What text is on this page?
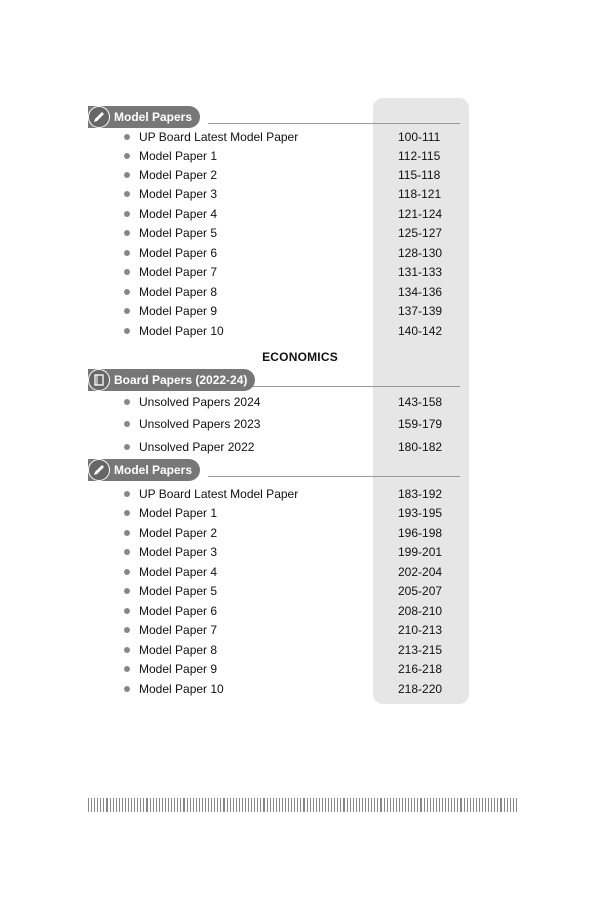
Model Papers
UP Board Latest Model Paper	100-111
Model Paper 1	112-115
Model Paper 2	115-118
Model Paper 3	118-121
Model Paper 4	121-124
Model Paper 5	125-127
Model Paper 6	128-130
Model Paper 7	131-133
Model Paper 8	134-136
Model Paper 9	137-139
Model Paper 10	140-142
ECONOMICS
Board Papers (2022-24)
Unsolved Papers 2024	143-158
Unsolved Papers 2023	159-179
Unsolved Paper 2022	180-182
Model Papers
UP Board Latest Model Paper	183-192
Model Paper 1	193-195
Model Paper 2	196-198
Model Paper 3	199-201
Model Paper 4	202-204
Model Paper 5	205-207
Model Paper 6	208-210
Model Paper 7	210-213
Model Paper 8	213-215
Model Paper 9	216-218
Model Paper 10	218-220
